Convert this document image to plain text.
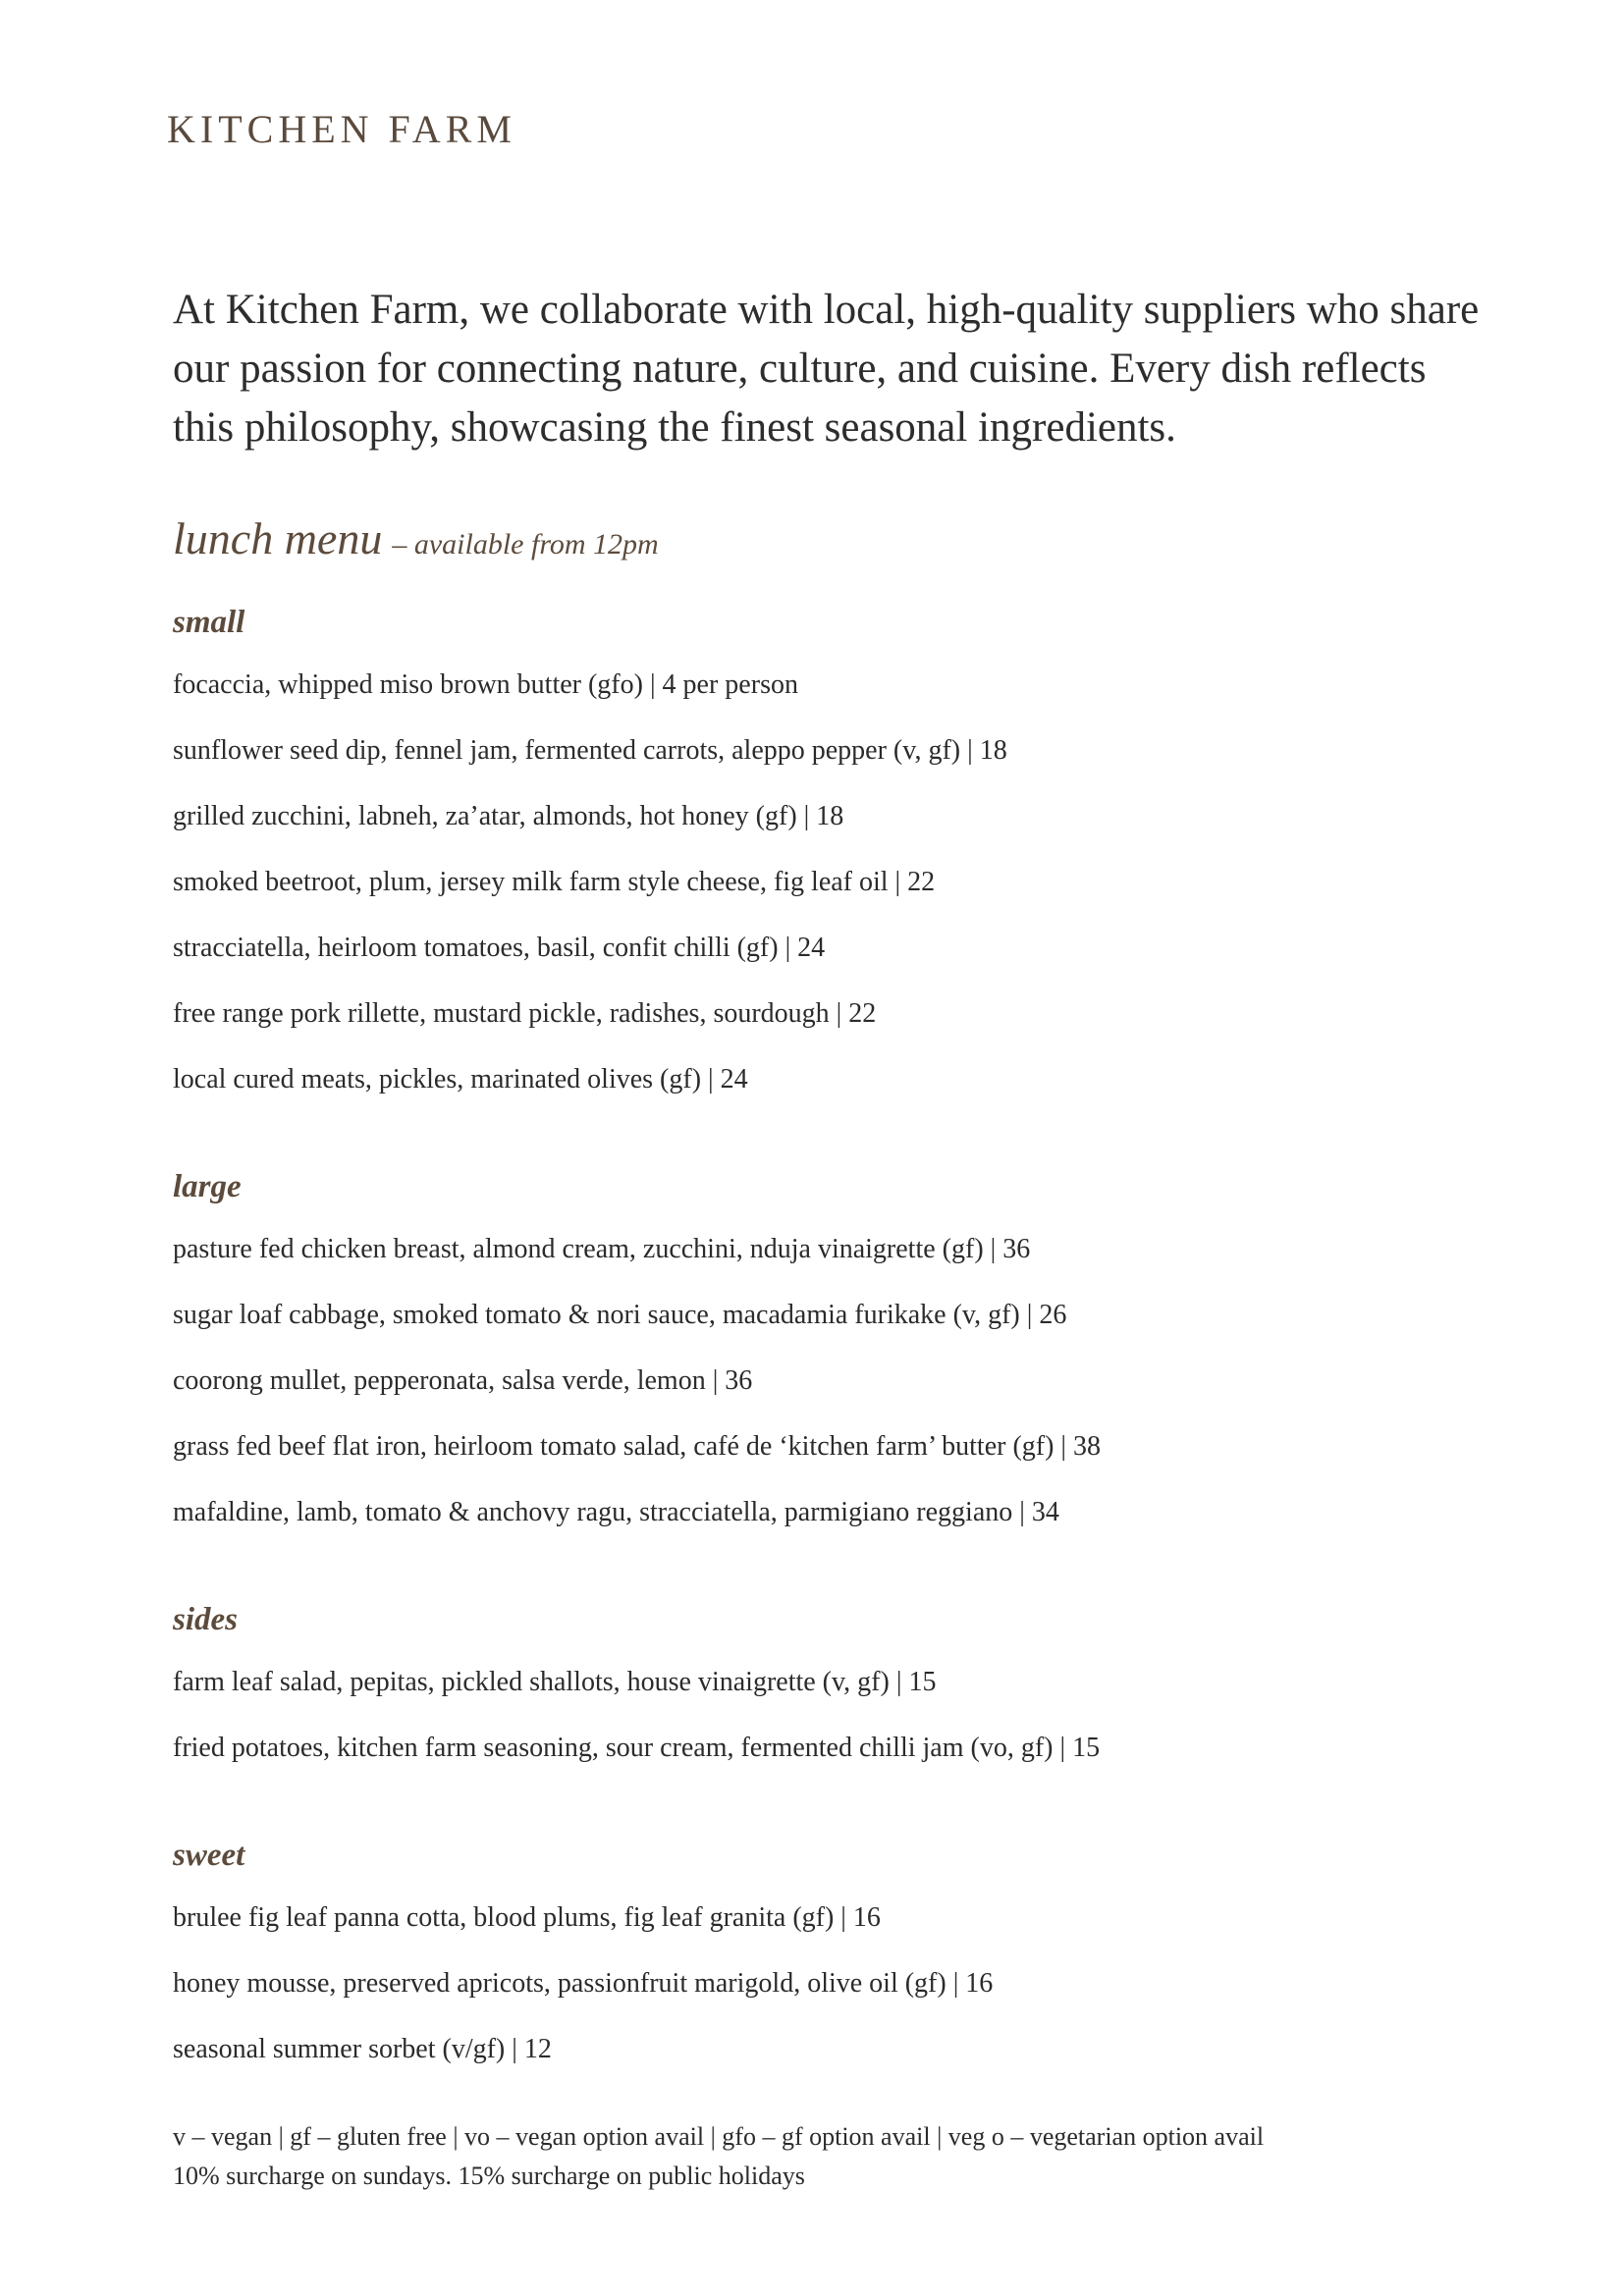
KITCHEN FARM

At Kitchen Farm, we collaborate with local, high-quality suppliers who share our passion for connecting nature, culture, and cuisine. Every dish reflects this philosophy, showcasing the finest seasonal ingredients.

lunch menu – available from 12pm
small
focaccia, whipped miso brown butter (gfo) | 4 per person
sunflower seed dip, fennel jam, fermented carrots, aleppo pepper (v, gf) | 18
grilled zucchini, labneh, za’atar, almonds, hot honey (gf) | 18
smoked beetroot, plum, jersey milk farm style cheese, fig leaf oil | 22
stracciatella, heirloom tomatoes, basil, confit chilli (gf) | 24
free range pork rillette, mustard pickle, radishes, sourdough | 22
local cured meats, pickles, marinated olives (gf) | 24
large
pasture fed chicken breast, almond cream, zucchini, nduja vinaigrette (gf) | 36
sugar loaf cabbage, smoked tomato & nori sauce, macadamia furikake (v, gf) | 26
coorong mullet, pepperonata, salsa verde, lemon | 36
grass fed beef flat iron, heirloom tomato salad, café de ‘kitchen farm’ butter (gf) | 38
mafaldine, lamb, tomato & anchovy ragu, stracciatella, parmigiano reggiano | 34
sides
farm leaf salad, pepitas, pickled shallots, house vinaigrette (v, gf) | 15
fried potatoes, kitchen farm seasoning, sour cream, fermented chilli jam (vo, gf) | 15
sweet
brulee fig leaf panna cotta, blood plums, fig leaf granita (gf) | 16
honey mousse, preserved apricots, passionfruit marigold, olive oil (gf) | 16
seasonal summer sorbet (v/gf) | 12
v – vegan | gf – gluten free | vo – vegan option avail | gfo – gf option avail | veg o – vegetarian option avail
10% surcharge on sundays. 15% surcharge on public holidays
